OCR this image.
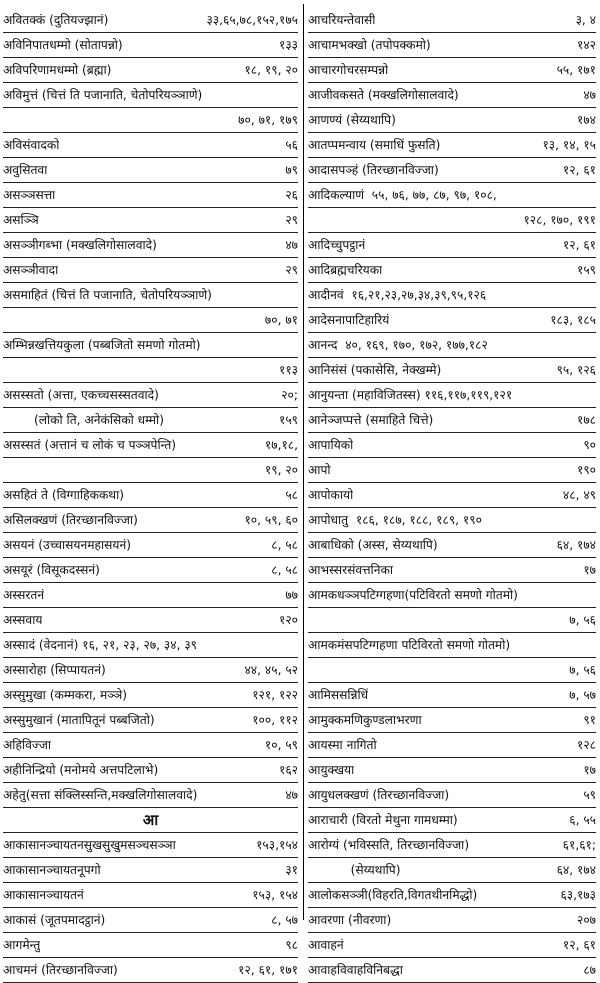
अवितक्कं (दुतियज्झानं)	३३,६५,७८,१५२,१७५
अविनिपातधम्मो (सोतापन्नो)	१३३
अविपरिणामधम्मो (ब्रह्मा)	१८, १९, २०
अविमुत्तं (चित्तं ति पजानाति, चेतोपरियञ्ञाणे)
७०, ७१, १७९
अविसंवादको	५६
अवुसितवा	७९
असञ्ञसत्ता	२६
असञ्ञि	२९
असञ्ञीगब्भा (मक्खलिगोसालवादे)	४७
असञ्ञीवादा	२९
असमाहितं (चित्तं ति पजानाति, चेतोपरियञ्ञाणे)
७०, ७१
अम्भिन्नखत्तियकुला (पब्बजितो समणो गोतमो)
११३
असस्सतो (अत्ता, एकच्चसस्सतवादे)	२०;
(लोको ति, अनेकंसिको धम्मो)	१५९
असस्सतं (अत्तानं च लोकं च पञ्ञपेन्ति)	१७,१८,
१९, २०
असहितं ते (विग्गाहिककथा)	५८
असिलक्खणं (तिरच्छानविज्जा)	१०, ५९, ६०
असयनं (उच्चासयनमहासयनं)	८, ५८
असयूरं (विसूकदस्सनं)	८, ५८
अस्सरतनं	७७
अस्सवाय	१२०
अस्सादं (वेदनानं) १६, २१, २३, २७, ३४, ३९
अस्सारोहा (सिप्पायतनं)	४४, ४५, ५२
अस्सुमुखा (कम्मकरा, मञ्ञे)	१२१, १२२
अस्सुमुखानं (मातापितूनं पब्बजितो)	१००, ११२
अहिविज्जा	१०, ५९
अहीनिन्द्रियो (मनोमये अत्तपटिलाभे)	१६२
अहेतु(सत्ता संक्लिस्सन्ति,मक्खलिगोसालवादे)	४७
आ
आकासानञ्चायतनसुखसुखुमसञ्चसञ्ञा	१५३,१५४
आकासानञ्चायतनूपगो	३१
आकासानञ्चायतनं	१५३, १५४
आकासं (जूतपमादट्ठानं)	८, ५७
आगमेन्तु	९८
आचमनं (तिरच्छानविज्जा)	१२, ६१, १७१
आचरियन्तेवासी	३, ४
आचामभक्खो (तपोपक्कमो)	१४२
आचारगोचरसम्पन्नो	५५, १७१
आजीवकसते (मक्खलिगोसालवादे)	४७
आणण्यं (सेय्यथापि)	१७४
आतप्पमन्वाय (समाधिं फुसति)	१३, १४, १५
आदासपञ्हं (तिरच्छानविज्जा)	१२, ६१
आदिकल्याणं  ५५, ७६, ७७, ८७, ९७, १०८,
१२८, १७०, १९१
आदिच्चुपट्ठानं	१२, ६१
आदिब्रह्मचरियका	१५९
आदीनवं  १६,२१,२३,२७,३४,३९,९५,१२६
आदेसनापाटिहारियं	१८३, १८५
आनन्द  ४०, १६९, १७०, १७२, १७७,१८२
आनिसंसं (पकासेसि, नेक्खम्मे)	९५, १२६
आनुयन्ता (महाविजितस्स) ११६,११७,११९,१२१
आनेञ्जप्पत्ते (समाहिते चित्ते)	१७८
आपायिको	९०
आपो	१९०
आपोकायो	४८, ४९
आपोधातु  १८६, १८७, १८८, १८९, १९०
आबाधिको (अस्स, सेय्यथापि)	६४, १७४
आभस्सरसंवत्तनिका	१७
आमकधञ्ञपटिग्गहणा(पटिविरतो समणो गोतमो)
७, ५६
आमकमंसपटिग्गहणा पटिविरतो समणो गोतमो)
७, ५६
आमिससन्निधिं	७, ५७
आमुक्कमणिकुण्डलाभरणा	९१
आयस्मा नागितो	१२८
आयुक्खया	१७
आयुधलक्खणं (तिरच्छानविज्जा)	५९
आराचारी (विरतो मेथुना गामधम्मा)	६, ५५
आरोग्यं (भविस्सति, तिरच्छानविज्जा)	६१,६१;
(सेय्यथापि)	६४, १७४
आलोकसञ्ञी(विहरति,विगतथीनमिद्धो)	६३,१७३
आवरणा (नीवरणा)	२०७
आवाहनं	१२, ६१
आवाहविवाहविनिबद्धा	८७
